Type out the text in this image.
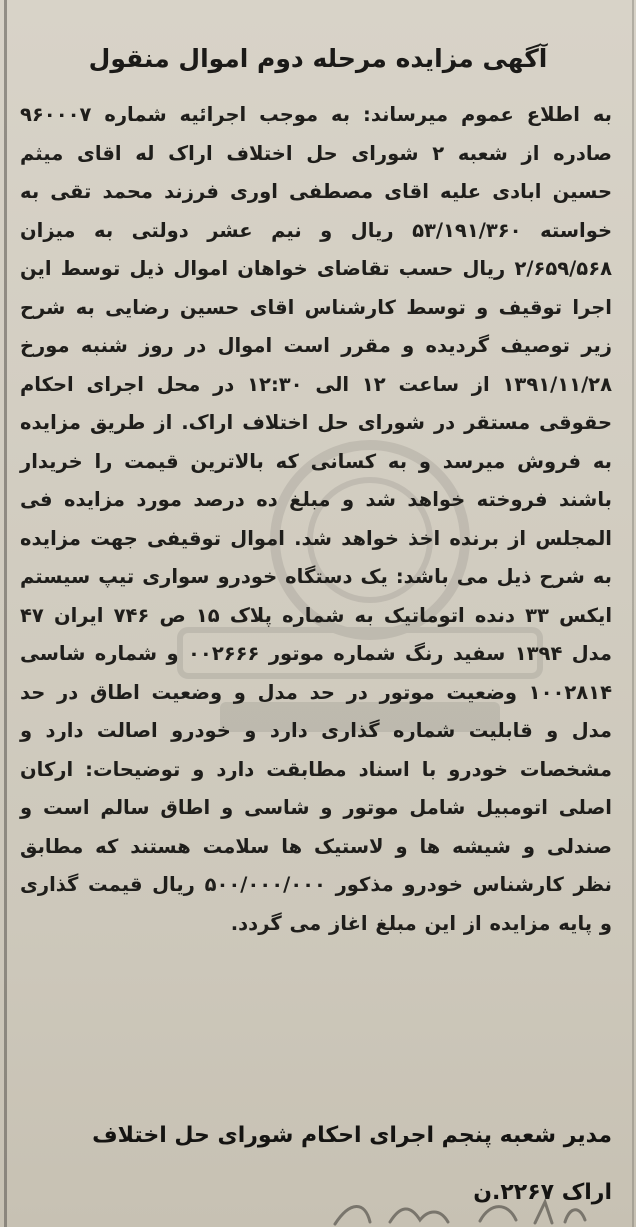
آگهی مزایده مرحله دوم اموال منقول
به اطلاع عموم میرساند: به موجب اجرائیه شماره ۹۶۰۰۰۷ صادره از شعبه ۲ شورای حل اختلاف اراک له اقای میثم حسین ابادی علیه اقای مصطفی اوری فرزند محمد تقی به خواسته ۵۳/۱۹۱/۳۶۰ ریال و نیم عشر دولتی به میزان ۲/۶۵۹/۵۶۸ ریال حسب تقاضای خواهان اموال ذیل توسط این اجرا توقیف و توسط کارشناس اقای حسین رضایی به شرح زیر توصیف گردیده و مقرر است اموال در روز شنبه مورخ ۱۳۹۱/۱۱/۲۸ از ساعت ۱۲ الی ۱۲:۳۰ در محل اجرای احکام حقوقی مستقر در شورای حل اختلاف اراک. از طریق مزایده به فروش میرسد و به کسانی که بالاترین قیمت را خریدار باشند فروخته خواهد شد و مبلغ ده درصد مورد مزایده فی المجلس از برنده اخذ خواهد شد. اموال توقیفی جهت مزایده به شرح ذیل می باشد: یک دستگاه خودرو سواری تیپ سیستم ایکس ۳۳ دنده اتوماتیک به شماره پلاک ۱۵ ص ۷۴۶ ایران ۴۷ مدل ۱۳۹۴ سفید رنگ شماره موتور ۰۰۲۶۶۶ و شماره شاسی ۱۰۰۲۸۱۴ وضعیت موتور در حد مدل و وضعیت اطاق در حد مدل و قابلیت شماره گذاری دارد و خودرو اصالت دارد و مشخصات خودرو با اسناد مطابقت دارد و توضیحات: ارکان اصلی اتومبیل شامل موتور و شاسی و اطاق سالم است و صندلی و شیشه ها و لاستیک ها سلامت هستند که مطابق نظر کارشناس خودرو مذکور ۵۰۰/۰۰۰/۰۰۰ ریال قیمت گذاری و پایه مزایده از این مبلغ اغاز می گردد.
مدیر شعبه پنجم اجرای احکام شورای حل اختلاف
اراک ۲۲۶۷.ن
